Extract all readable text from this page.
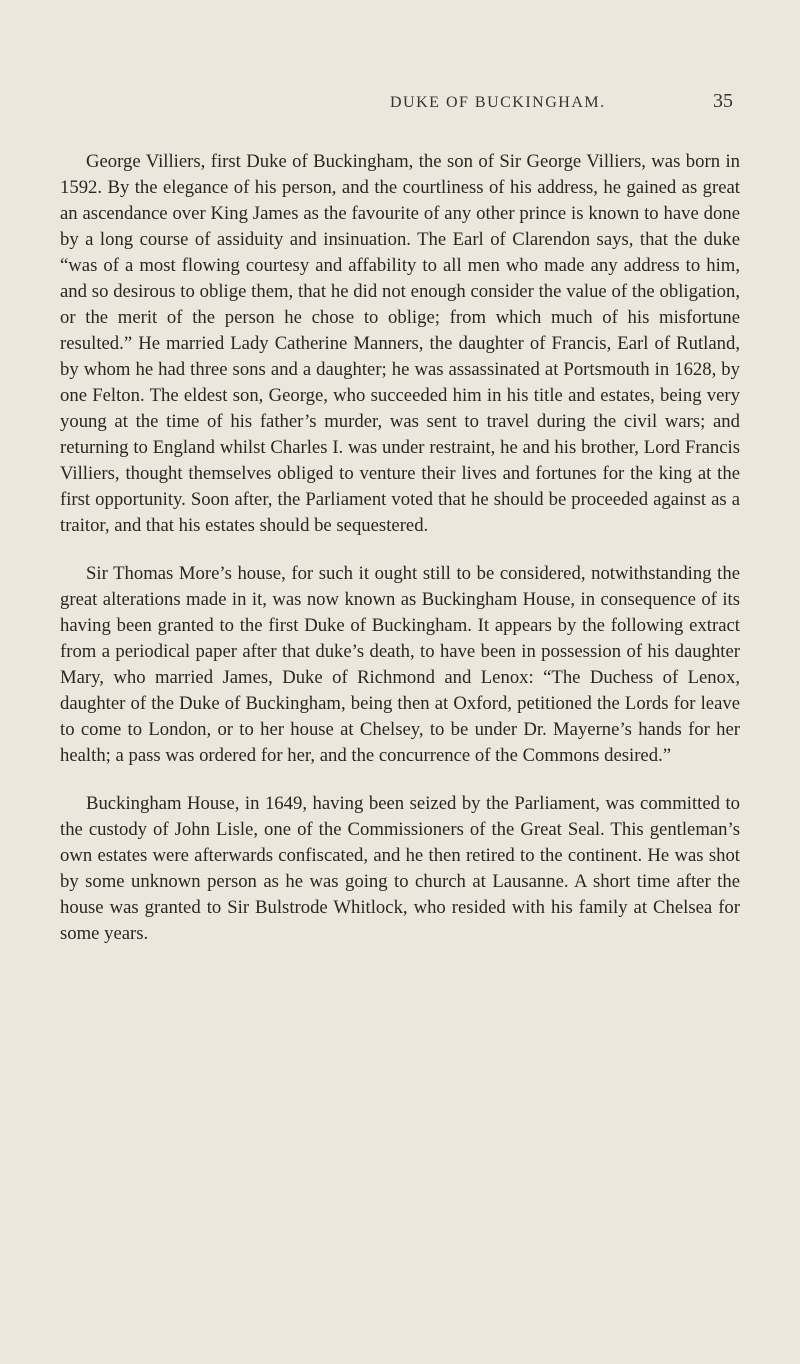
DUKE OF BUCKINGHAM.	35

George Villiers, first Duke of Buckingham, the son of Sir George Villiers, was born in 1592. By the elegance of his person, and the courtliness of his address, he gained as great an ascendance over King James as the favourite of any other prince is known to have done by a long course of assiduity and insinuation. The Earl of Clarendon says, that the duke “was of a most flowing courtesy and affability to all men who made any address to him, and so desirous to oblige them, that he did not enough consider the value of the obligation, or the merit of the person he chose to oblige; from which much of his misfortune resulted.” He married Lady Catherine Manners, the daughter of Francis, Earl of Rutland, by whom he had three sons and a daughter; he was assassinated at Portsmouth in 1628, by one Felton. The eldest son, George, who succeeded him in his title and estates, being very young at the time of his father’s murder, was sent to travel during the civil wars; and returning to England whilst Charles I. was under restraint, he and his brother, Lord Francis Villiers, thought themselves obliged to venture their lives and fortunes for the king at the first opportunity. Soon after, the Parliament voted that he should be proceeded against as a traitor, and that his estates should be sequestered.

Sir Thomas More’s house, for such it ought still to be considered, notwithstanding the great alterations made in it, was now known as Buckingham House, in consequence of its having been granted to the first Duke of Buckingham. It appears by the following extract from a periodical paper after that duke’s death, to have been in possession of his daughter Mary, who married James, Duke of Richmond and Lenox: “The Duchess of Lenox, daughter of the Duke of Buckingham, being then at Oxford, petitioned the Lords for leave to come to London, or to her house at Chelsey, to be under Dr. Mayerne’s hands for her health; a pass was ordered for her, and the concurrence of the Commons desired.”

Buckingham House, in 1649, having been seized by the Parliament, was committed to the custody of John Lisle, one of the Commissioners of the Great Seal. This gentleman’s own estates were afterwards confiscated, and he then retired to the continent. He was shot by some unknown person as he was going to church at Lausanne. A short time after the house was granted to Sir Bulstrode Whitlock, who resided with his family at Chelsea for some years.
